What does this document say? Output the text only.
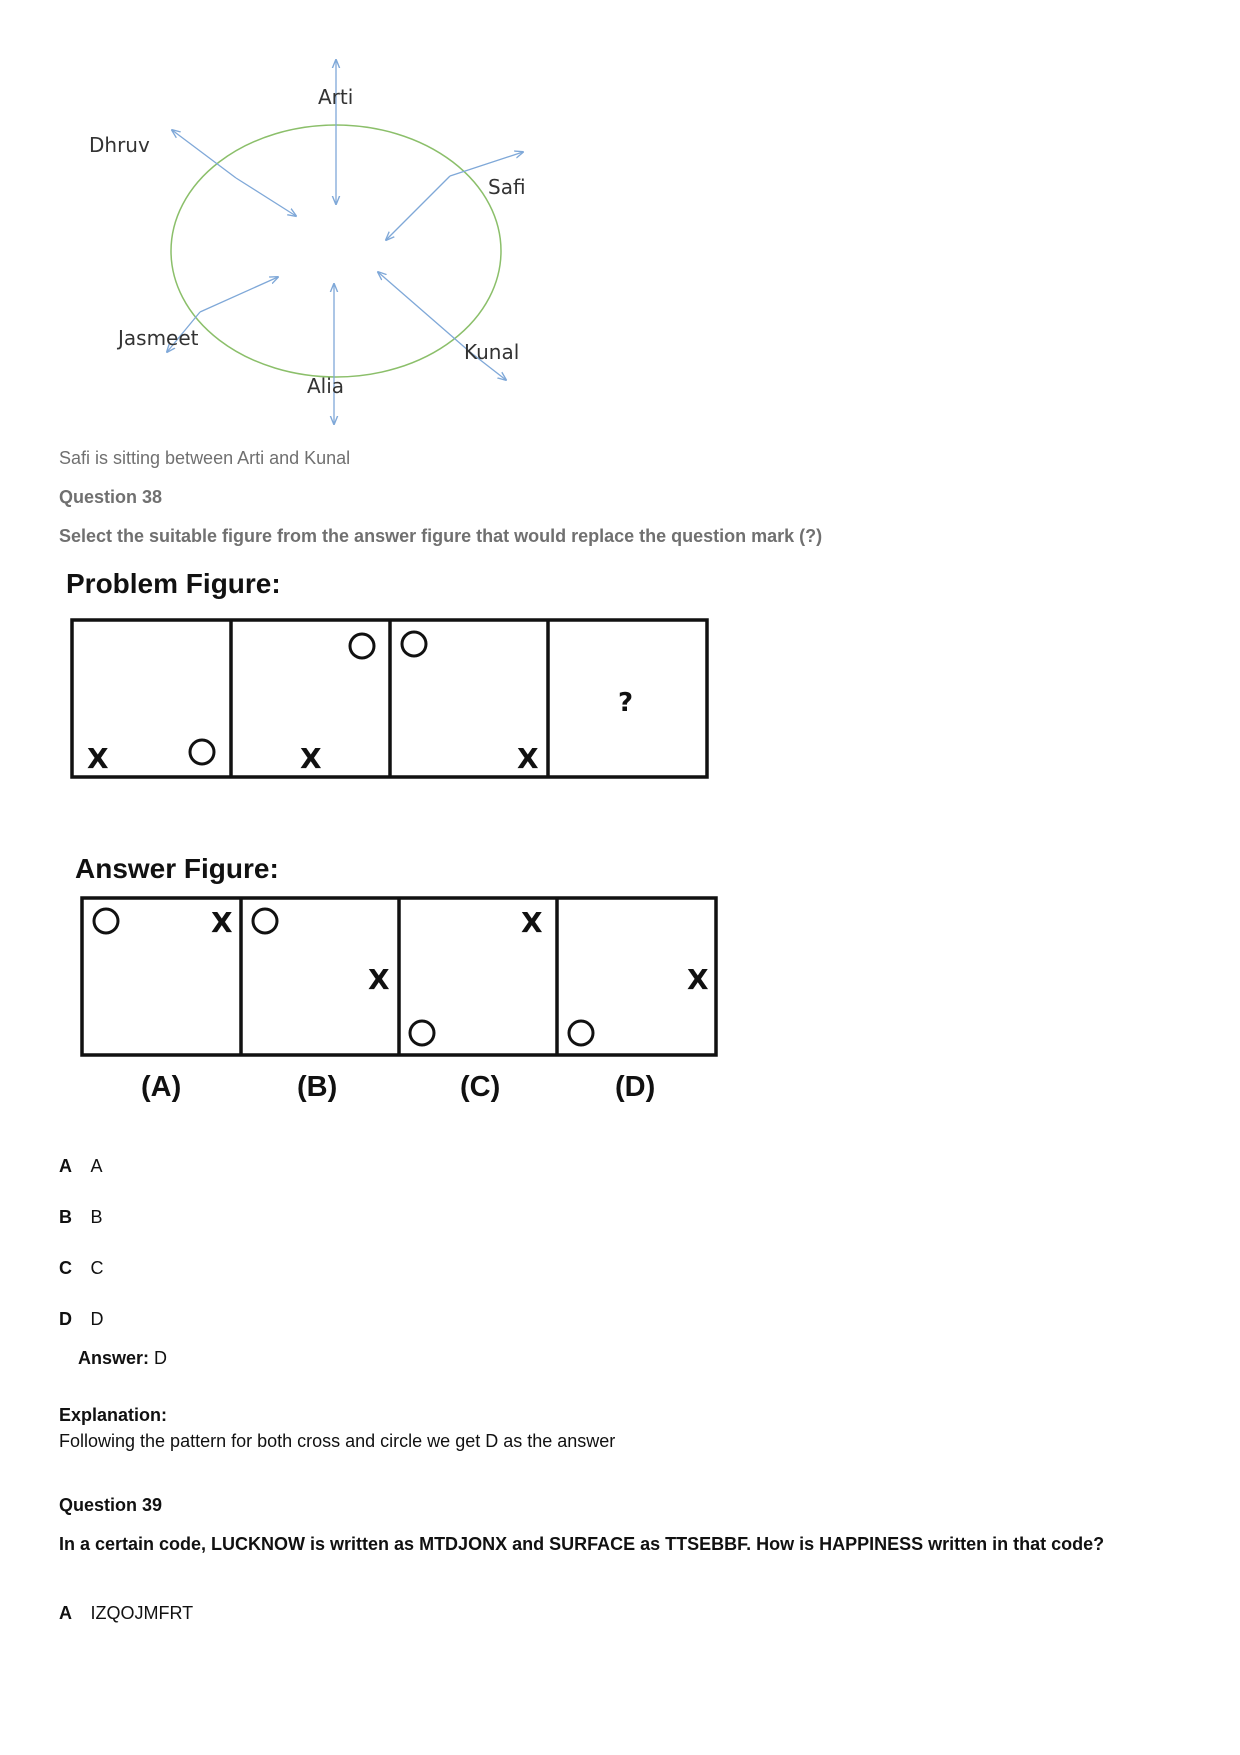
Arti
Dhruv
Safi
Jasmeet
Kunal
Alia
Safi is sitting between Arti and Kunal
Question 38
Select the suitable figure from the answer figure that would replace the question mark (?)
Problem Figure:
X	X	X
?
Answer Figure:
X
X
X
X
(A)	(B)	(C)	(D)
A A
B B
C C
D D
Answer: D
Explanation:
Following the pattern for both cross and circle we get D as the answer
Question 39
In a certain code, LUCKNOW is written as MTDJONX and SURFACE as TTSEBBF. How is HAPPINESS written in that code?
A IZQOJMFRT
